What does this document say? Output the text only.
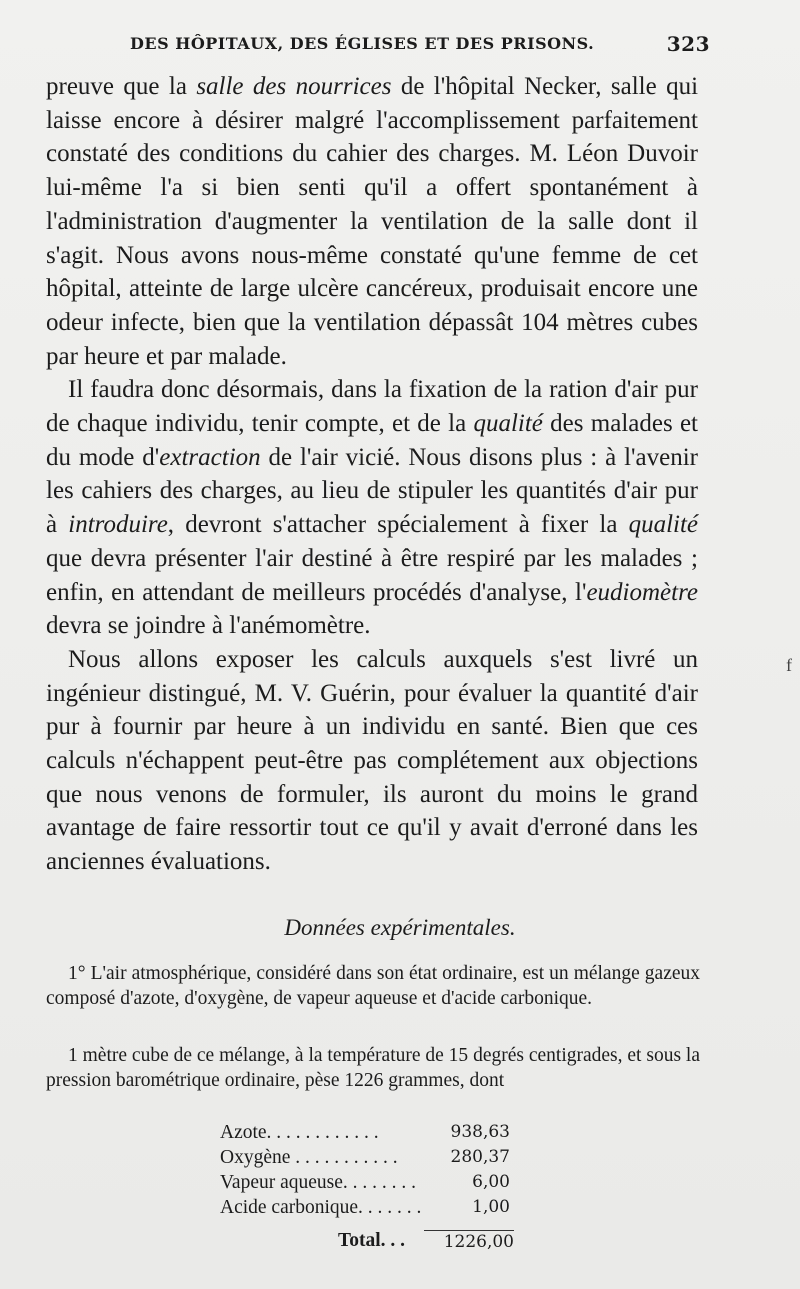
DES HÔPITAUX, DES ÉGLISES ET DES PRISONS.	323

preuve que la salle des nourrices de l'hôpital Necker, salle qui laisse encore à désirer malgré l'accomplissement parfaitement constaté des conditions du cahier des charges. M. Léon Duvoir lui-même l'a si bien senti qu'il a offert spontanément à l'administration d'augmenter la ventilation de la salle dont il s'agit. Nous avons nous-même constaté qu'une femme de cet hôpital, atteinte de large ulcère cancéreux, produisait encore une odeur infecte, bien que la ventilation dépassât 104 mètres cubes par heure et par malade.

Il faudra donc désormais, dans la fixation de la ration d'air pur de chaque individu, tenir compte, et de la qualité des malades et du mode d'extraction de l'air vicié. Nous disons plus : à l'avenir les cahiers des charges, au lieu de stipuler les quantités d'air pur à introduire, devront s'attacher spécialement à fixer la qualité que devra présenter l'air destiné à être respiré par les malades ; enfin, en attendant de meilleurs procédés d'analyse, l'eudiomètre devra se joindre à l'anémomètre.

Nous allons exposer les calculs auxquels s'est livré un ingénieur distingué, M. V. Guérin, pour évaluer la quantité d'air pur à fournir par heure à un individu en santé. Bien que ces calculs n'échappent peut-être pas complétement aux objections que nous venons de formuler, ils auront du moins le grand avantage de faire ressortir tout ce qu'il y avait d'erroné dans les anciennes évaluations.

Données expérimentales.

1° L'air atmosphérique, considéré dans son état ordinaire, est un mélange gazeux composé d'azote, d'oxygène, de vapeur aqueuse et d'acide carbonique.

1 mètre cube de ce mélange, à la température de 15 degrés centigrades, et sous la pression barométrique ordinaire, pèse 1226 grammes, dont

Azote. . . . . . . . . . . .	938,63
Oxygène . . . . . . . . . . .	280,37
Vapeur aqueuse. . . . . . . .	6,00
Acide carbonique. . . . . . .	1,00
Total. . .	1226,00
f
